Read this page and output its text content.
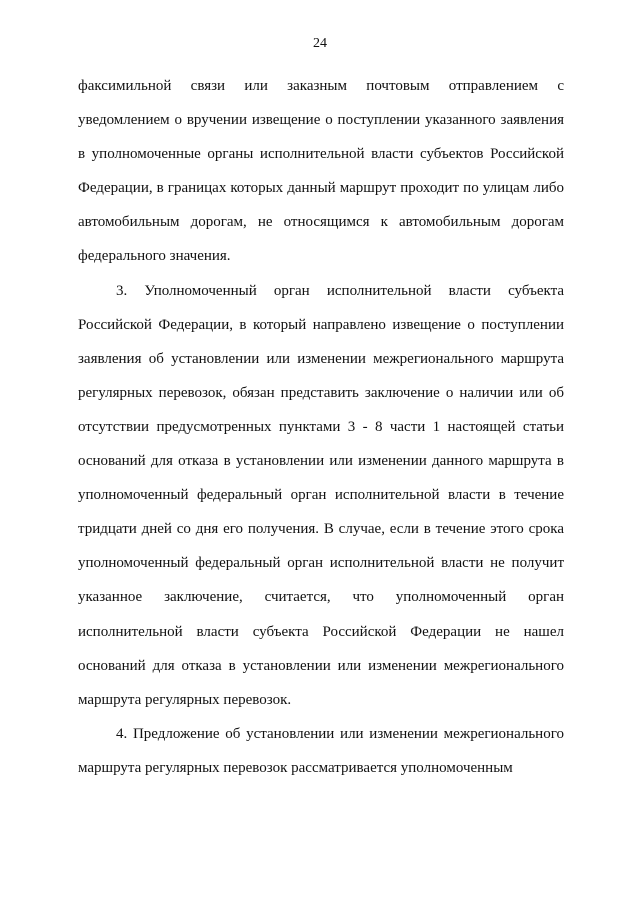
24

факсимильной связи или заказным почтовым отправлением с уведомлением о вручении извещение о поступлении указанного заявления в уполномоченные органы исполнительной власти субъектов Российской Федерации, в границах которых данный маршрут проходит по улицам либо автомобильным дорогам, не относящимся к автомобильным дорогам федерального значения.

3. Уполномоченный орган исполнительной власти субъекта Российской Федерации, в который направлено извещение о поступлении заявления об установлении или изменении межрегионального маршрута регулярных перевозок, обязан представить заключение о наличии или об отсутствии предусмотренных пунктами 3 - 8 части 1 настоящей статьи оснований для отказа в установлении или изменении данного маршрута в уполномоченный федеральный орган исполнительной власти в течение тридцати дней со дня его получения. В случае, если в течение этого срока уполномоченный федеральный орган исполнительной власти не получит указанное заключение, считается, что уполномоченный орган исполнительной власти субъекта Российской Федерации не нашел оснований для отказа в установлении или изменении межрегионального маршрута регулярных перевозок.

4. Предложение об установлении или изменении межрегионального маршрута регулярных перевозок рассматривается уполномоченным
